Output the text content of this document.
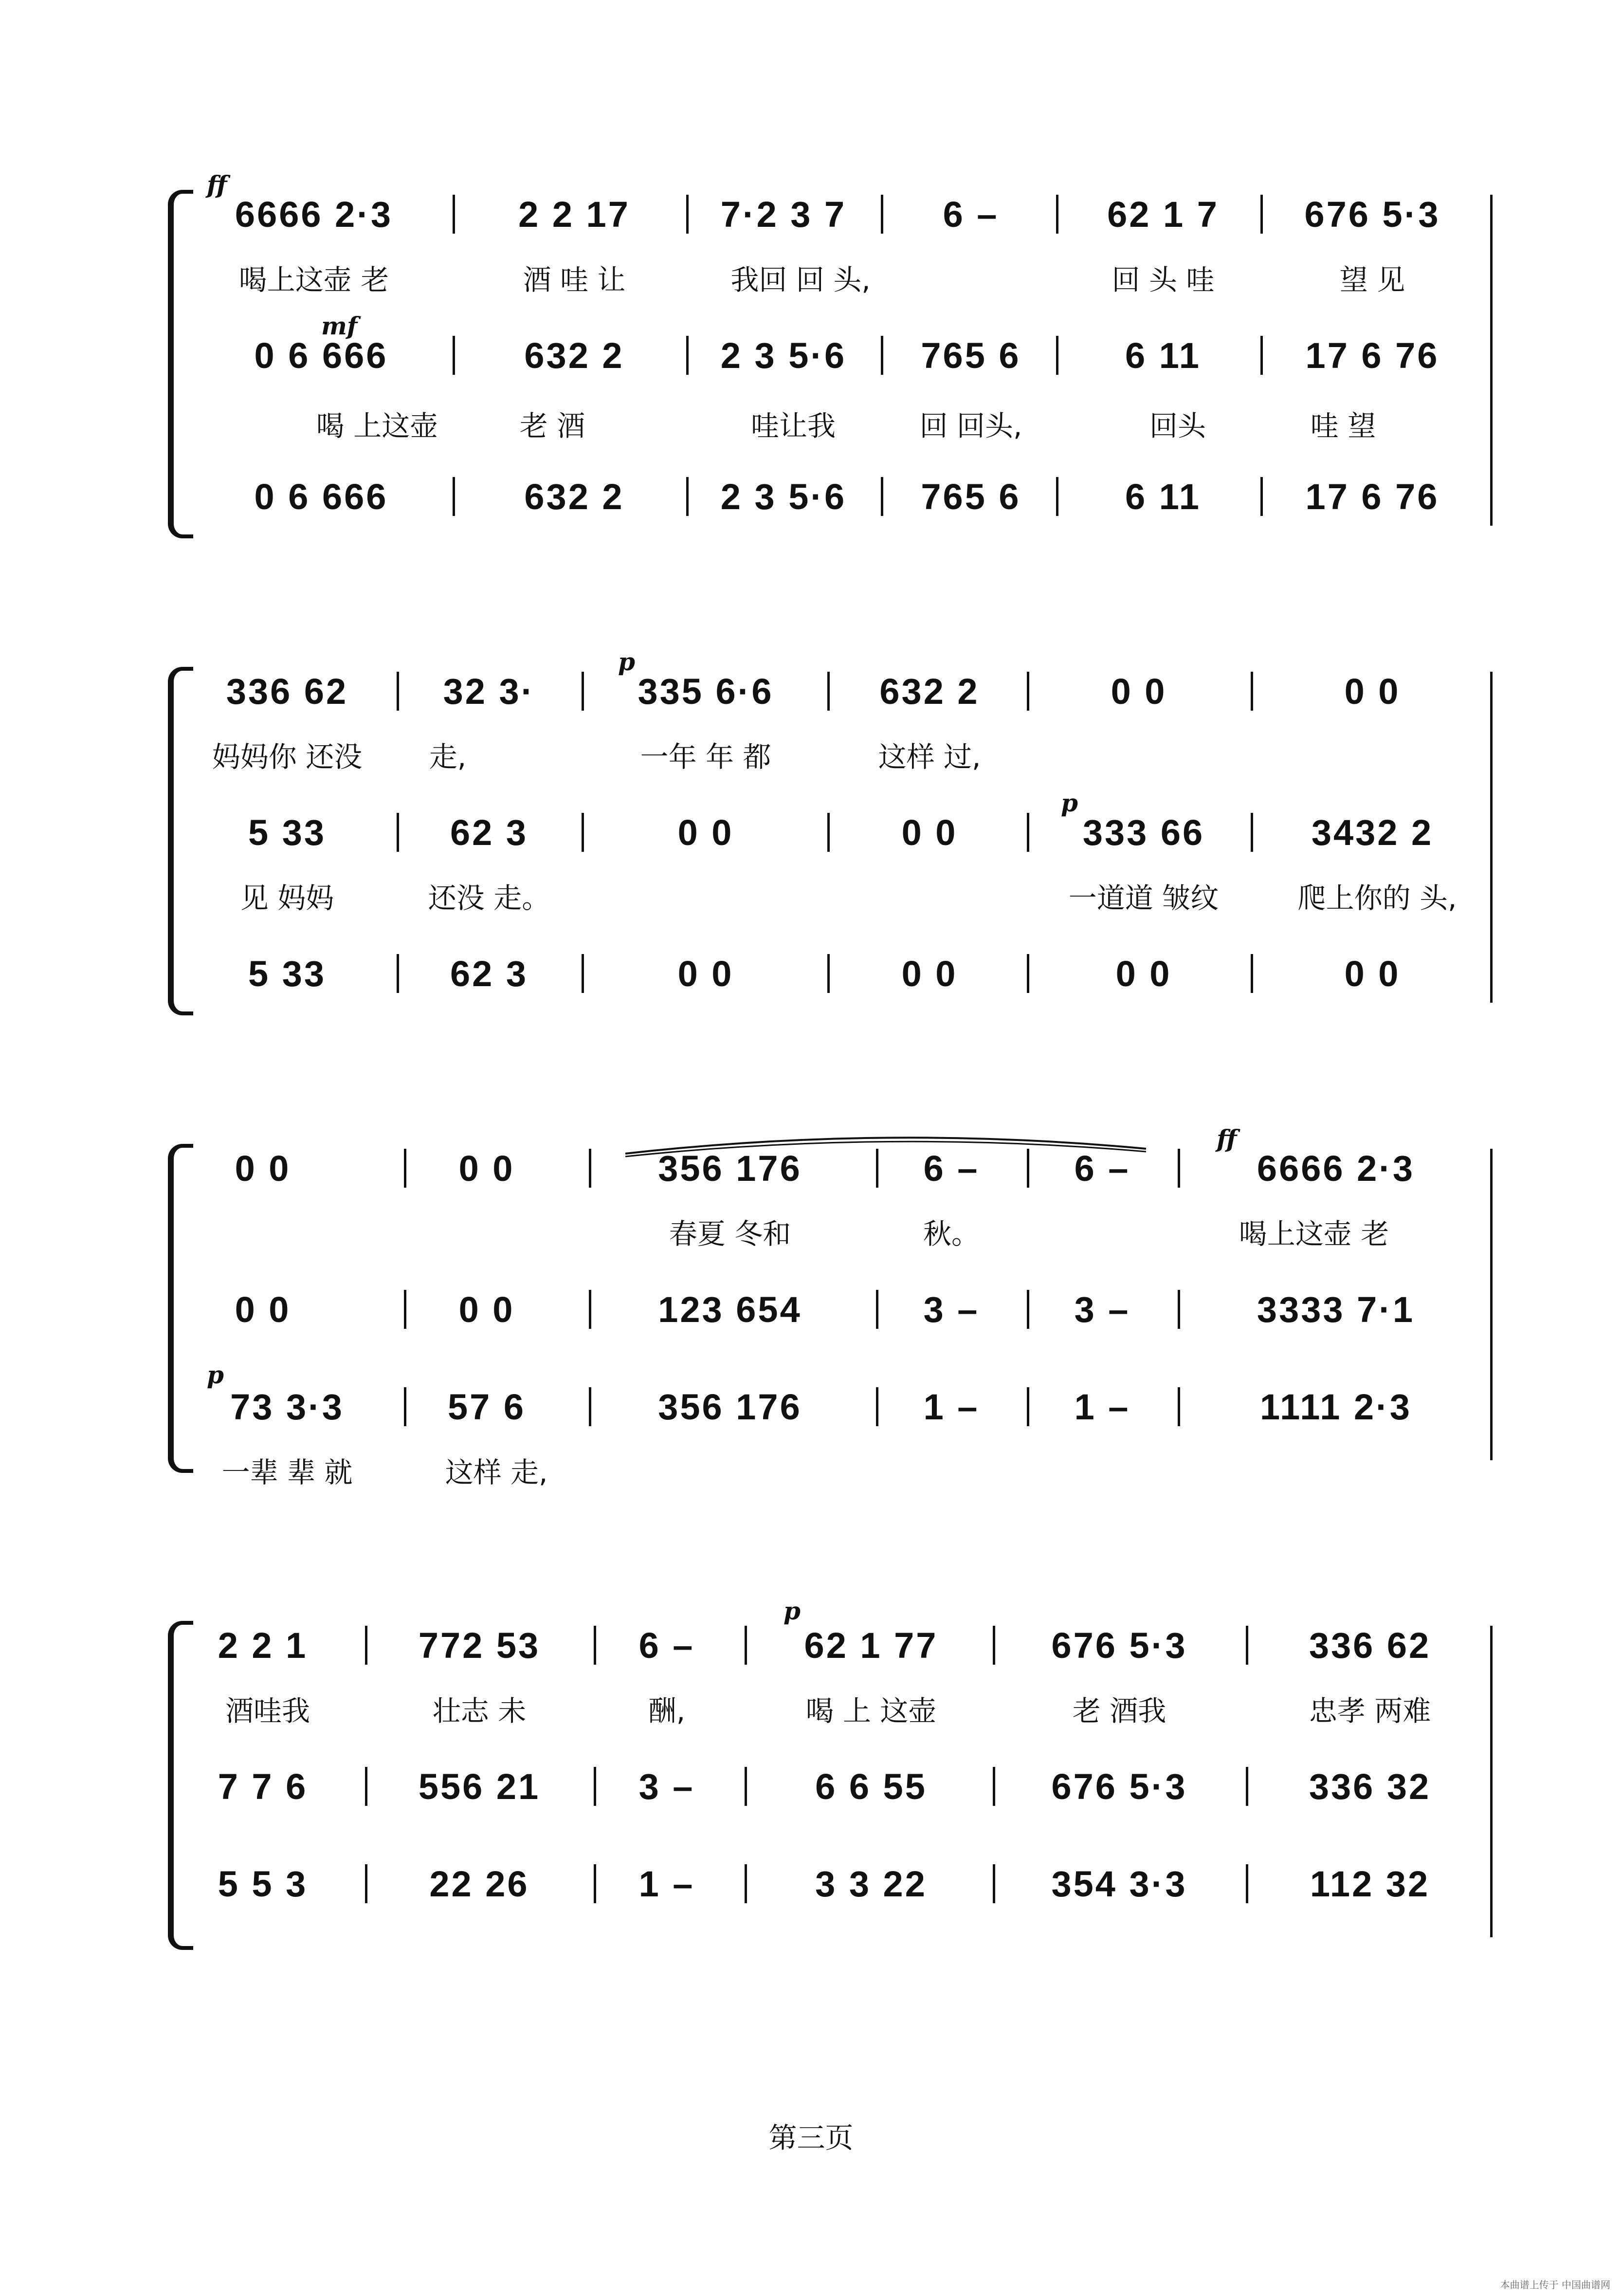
ff
6666 2·3	2 2 17	7·2 3 7	6 –	62 1 7	676 5·3
喝上这壶 老	酒 哇 让	我回 回 头,	回 头 哇	望 见
mf
0 6 666	632 2	2 3 5·6	765 6	6 11	17 6 76
喝 上这壶	老 酒	哇让我	回 回头,	回头	哇 望
0 6 666	632 2	2 3 5·6	765 6	6 11	17 6 76
p
336 62	32 3·	335 6·6	632 2	0 0	0 0
妈妈你 还没	走,	一年 年 都	这样 过,
p
5 33	62 3	0 0	0 0	333 66	3432 2
见 妈妈	还没 走。	一道道 皱纹	爬上你的 头,
5 33	62 3	0 0	0 0	0 0	0 0
ff
0 0	0 0	356 176	6 –	6 –	6666 2·3
春夏 冬和	秋。	喝上这壶 老
0 0	0 0	123 654	3 –	3 –	3333 7·1
p
73 3·3	57 6	356 176	1 –	1 –	1111 2·3
一辈 辈 就	这样 走,
p
2 2 1	772 53	6 –	62 1 77	676 5·3	336 62
酒哇我	壮志 未	酬,	喝 上 这壶	老 酒我	忠孝 两难
7 7 6	556 21	3 –	6 6 55	676 5·3	336 32
5 5 3	22 26	1 –	3 3 22	354 3·3	112 32
第三页
本曲谱上传于 中国曲谱网
